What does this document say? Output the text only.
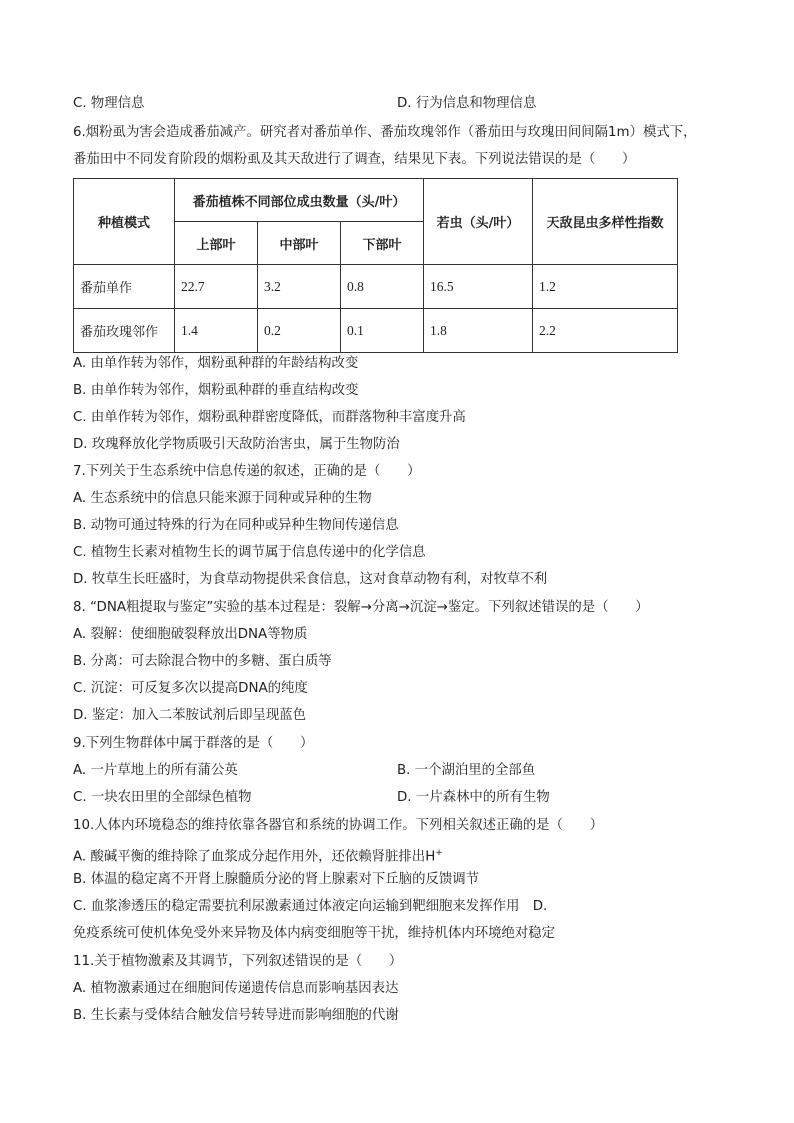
C. 物理信息	D. 行为信息和物理信息
6.烟粉虱为害会造成番茄减产。研究者对番茄单作、番茄玫瑰邻作（番茄田与玫瑰田间间隔1m）模式下，
番茄田中不同发育阶段的烟粉虱及其天敌进行了调查，结果见下表。下列说法错误的是（　　）
种植模式	番茄植株不同部位成虫数量（头/叶）			若虫（头/叶）	天敌昆虫多样性指数
	上部叶	中部叶	下部叶		
番茄单作	22.7	3.2	0.8	16.5	1.2
番茄玫瑰邻作	1.4	0.2	0.1	1.8	2.2
A. 由单作转为邻作，烟粉虱种群的年龄结构改变
B. 由单作转为邻作，烟粉虱种群的垂直结构改变
C. 由单作转为邻作，烟粉虱种群密度降低，而群落物种丰富度升高
D. 玫瑰释放化学物质吸引天敌防治害虫，属于生物防治
7.下列关于生态系统中信息传递的叙述，正确的是（　　）
A. 生态系统中的信息只能来源于同种或异种的生物
B. 动物可通过特殊的行为在同种或异种生物间传递信息
C. 植物生长素对植物生长的调节属于信息传递中的化学信息
D. 牧草生长旺盛时，为食草动物提供采食信息，这对食草动物有利，对牧草不利
8. “DNA粗提取与鉴定”实验的基本过程是：裂解→分离→沉淀→鉴定。下列叙述错误的是（　　）
A. 裂解：使细胞破裂释放出DNA等物质
B. 分离：可去除混合物中的多糖、蛋白质等
C. 沉淀：可反复多次以提高DNA的纯度
D. 鉴定：加入二苯胺试剂后即呈现蓝色
9.下列生物群体中属于群落的是（　　）
A. 一片草地上的所有蒲公英	B. 一个湖泊里的全部鱼
C. 一块农田里的全部绿色植物	D. 一片森林中的所有生物
10.人体内环境稳态的维持依靠各器官和系统的协调工作。下列相关叙述正确的是（　　）
A. 酸碱平衡的维持除了血浆成分起作用外，还依赖肾脏排出H+
B. 体温的稳定离不开肾上腺髓质分泌的肾上腺素对下丘脑的反馈调节
C. 血浆渗透压的稳定需要抗利尿激素通过体液定向运输到靶细胞来发挥作用　D.
免疫系统可使机体免受外来异物及体内病变细胞等干扰，维持机体内环境绝对稳定
11.关于植物激素及其调节，下列叙述错误的是（　　）
A. 植物激素通过在细胞间传递遗传信息而影响基因表达
B. 生长素与受体结合触发信号转导进而影响细胞的代谢
